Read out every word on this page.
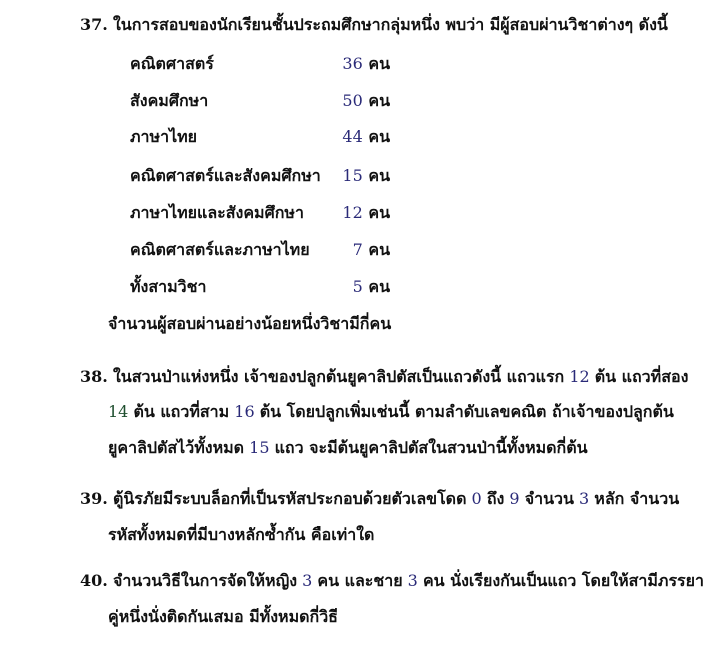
37. ในการสอบของนักเรียนชั้นประถมศึกษากลุ่มหนึ่ง พบว่า มีผู้สอบผ่านวิชาต่างๆ ดังนี้
คณิตศาสตร์	36 คน
สังคมศึกษา	50 คน
ภาษาไทย	44 คน
คณิตศาสตร์และสังคมศึกษา 15 คน
ภาษาไทยและสังคมศึกษา 12 คน
คณิตศาสตร์และภาษาไทย	7 คน
ทั้งสามวิชา	5 คน
จำนวนผู้สอบผ่านอย่างน้อยหนึ่งวิชามีกี่คน
38. ในสวนป่าแห่งหนึ่ง เจ้าของปลูกต้นยูคาลิปตัสเป็นแถวดังนี้ แถวแรก 12 ต้น แถวที่สอง
14 ต้น แถวที่สาม 16 ต้น โดยปลูกเพิ่มเช่นนี้ ตามลำดับเลขคณิต ถ้าเจ้าของปลูกต้น
ยูคาลิปตัสไว้ทั้งหมด 15 แถว จะมีต้นยูคาลิปตัสในสวนป่านี้ทั้งหมดกี่ต้น
39. ตู้นิรภัยมีระบบล็อกที่เป็นรหัสประกอบด้วยตัวเลขโดด 0 ถึง 9 จำนวน 3 หลัก จำนวน
รหัสทั้งหมดที่มีบางหลักซ้ำกัน คือเท่าใด
40. จำนวนวิธีในการจัดให้หญิง 3 คน และชาย 3 คน นั่งเรียงกันเป็นแถว โดยให้สามีภรรยา
คู่หนึ่งนั่งติดกันเสมอ มีทั้งหมดกี่วิธี
